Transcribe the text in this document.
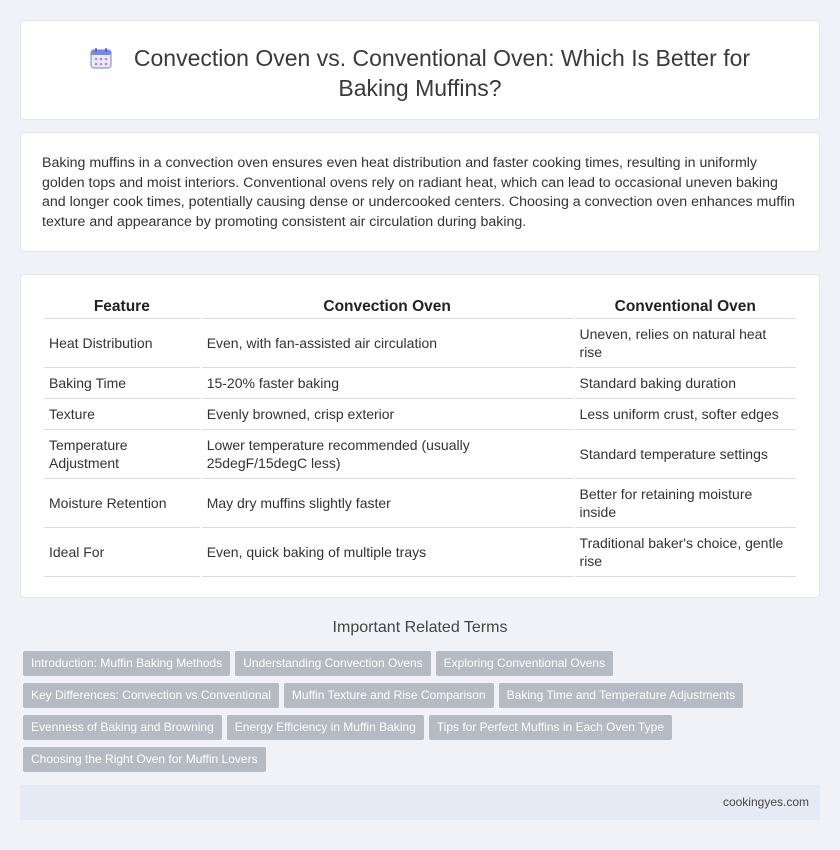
Convection Oven vs. Conventional Oven: Which Is Better for Baking Muffins?

Baking muffins in a convection oven ensures even heat distribution and faster cooking times, resulting in uniformly golden tops and moist interiors. Conventional ovens rely on radiant heat, which can lead to occasional uneven baking and longer cook times, potentially causing dense or undercooked centers. Choosing a convection oven enhances muffin texture and appearance by promoting consistent air circulation during baking.

Feature	Convection Oven	Conventional Oven
Heat Distribution	Even, with fan-assisted air circulation	Uneven, relies on natural heat rise
Baking Time	15-20% faster baking	Standard baking duration
Texture	Evenly browned, crisp exterior	Less uniform crust, softer edges
Temperature Adjustment	Lower temperature recommended (usually 25degF/15degC less)	Standard temperature settings
Moisture Retention	May dry muffins slightly faster	Better for retaining moisture inside
Ideal For	Even, quick baking of multiple trays	Traditional baker's choice, gentle rise
Important Related Terms
Introduction: Muffin Baking Methods Understanding Convection Ovens Exploring Conventional Ovens
Key Differences: Convection vs Conventional Muffin Texture and Rise Comparison Baking Time and Temperature Adjustments
Evenness of Baking and Browning Energy Efficiency in Muffin Baking Tips for Perfect Muffins in Each Oven Type
Choosing the Right Oven for Muffin Lovers
cookingyes.com
